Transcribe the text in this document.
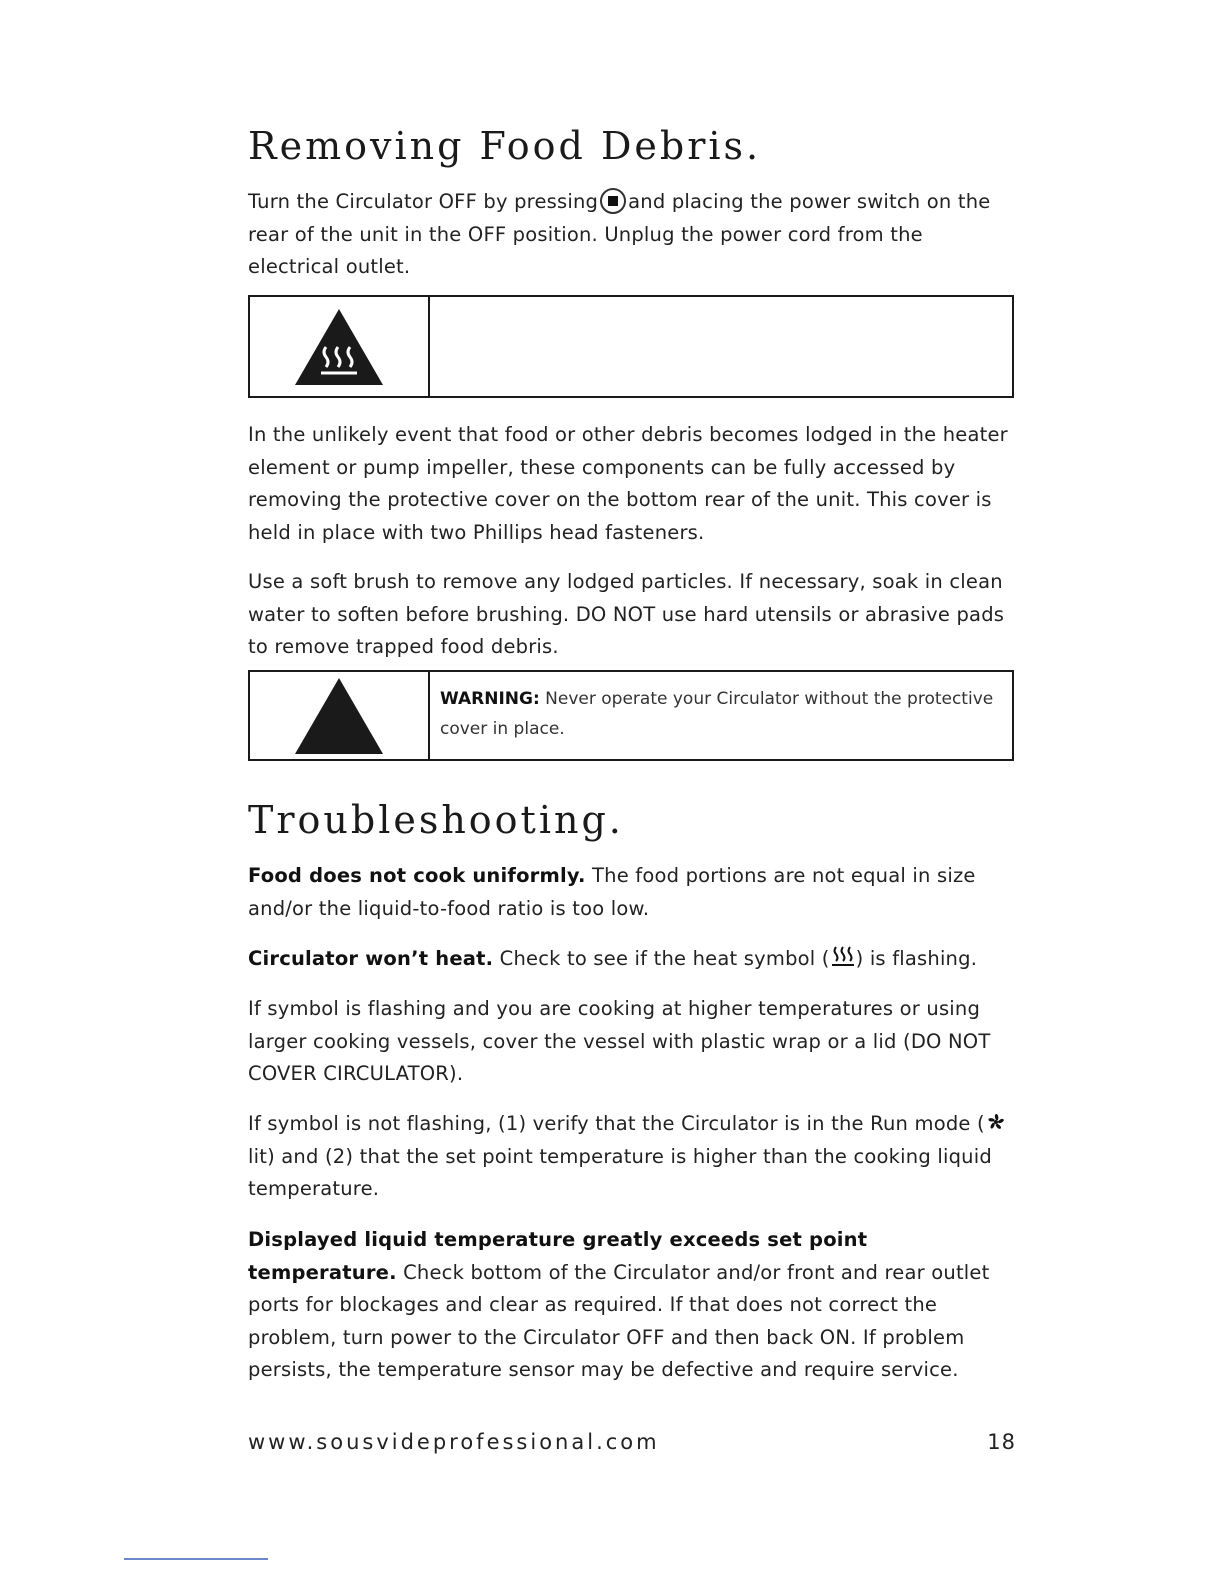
Removing Food Debris.

Turn the Circulator OFF by pressing and placing the power switch on the rear of the unit in the OFF position. Unplug the power cord from the electrical outlet.

In the unlikely event that food or other debris becomes lodged in the heater element or pump impeller, these components can be fully accessed by removing the protective cover on the bottom rear of the unit. This cover is held in place with two Phillips head fasteners.

Use a soft brush to remove any lodged particles. If necessary, soak in clean water to soften before brushing. DO NOT use hard utensils or abrasive pads to remove trapped food debris.

WARNING: Never operate your Circulator without the protective cover in place.
Troubleshooting.

Food does not cook uniformly. The food portions are not equal in size and/or the liquid-to-food ratio is too low.

Circulator won’t heat. Check to see if the heat symbol ( ) is flashing.

If symbol is flashing and you are cooking at higher temperatures or using larger cooking vessels, cover the vessel with plastic wrap or a lid (DO NOT COVER CIRCULATOR).

If symbol is not flashing, (1) verify that the Circulator is in the Run mode ( lit) and (2) that the set point temperature is higher than the cooking liquid temperature.

Displayed liquid temperature greatly exceeds set point temperature. Check bottom of the Circulator and/or front and rear outlet ports for blockages and clear as required. If that does not correct the problem, turn power to the Circulator OFF and then back ON. If problem persists, the temperature sensor may be defective and require service.

www.sousvideprofessional.com	18
